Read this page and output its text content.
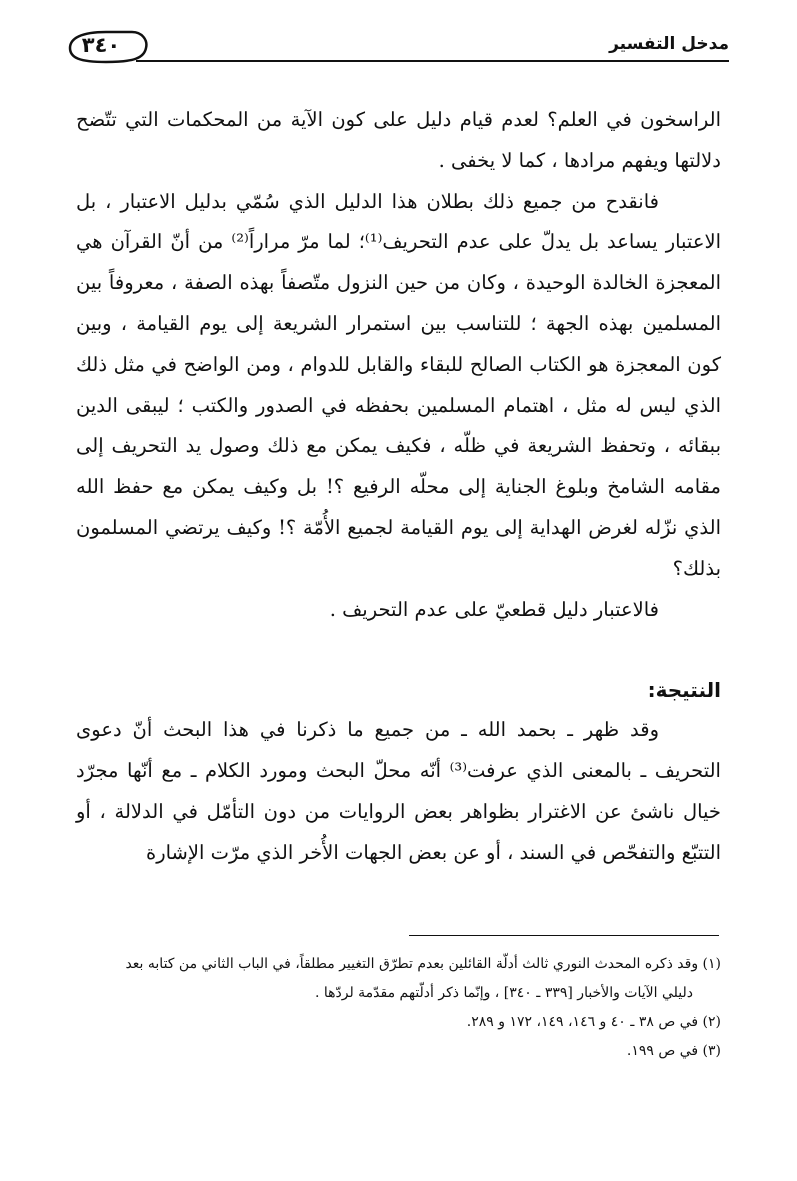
٣٤٠	مدخل التفسير

الراسخون في العلم؟ لعدم قيام دليل على كون الآية من المحكمات التي تتّضح دلالتها ويفهم مرادها ، كما لا يخفى .

فانقدح من جميع ذلك بطلان هذا الدليل الذي سُمّي بدليل الاعتبار ، بل الاعتبار يساعد بل يدلّ على عدم التحريف⁽¹⁾؛ لما مرّ مراراً⁽²⁾ من أنّ القرآن هي المعجزة الخالدة الوحيدة ، وكان من حين النزول متّصفاً بهذه الصفة ، معروفاً بين المسلمين بهذه الجهة ؛ للتناسب بين استمرار الشريعة إلى يوم القيامة ، وبين كون المعجزة هو الكتاب الصالح للبقاء والقابل للدوام ، ومن الواضح في مثل ذلك الذي ليس له مثل ، اهتمام المسلمين بحفظه في الصدور والكتب ؛ ليبقى الدين ببقائه ، وتحفظ الشريعة في ظلّه ، فكيف يمكن مع ذلك وصول يد التحريف إلى مقامه الشامخ وبلوغ الجناية إلى محلّه الرفيع ؟! بل وكيف يمكن مع حفظ الله الذي نزّله لغرض الهداية إلى يوم القيامة لجميع الأُمّة ؟! وكيف يرتضي المسلمون بذلك؟

فالاعتبار دليل قطعيّ على عدم التحريف .

النتيجة:

وقد ظهر ـ بحمد الله ـ من جميع ما ذكرنا في هذا البحث أنّ دعوى التحريف ـ بالمعنى الذي عرفت⁽³⁾ أنّه محلّ البحث ومورد الكلام ـ مع أنّها مجرّد خيال ناشئ عن الاغترار بظواهر بعض الروايات من دون التأمّل في الدلالة ، أو التتبّع والتفحّص في السند ، أو عن بعض الجهات الأُخر الذي مرّت الإشارة

(١) وقد ذكره المحدث النوري ثالث أدلّة القائلين بعدم تطرّق التغيير مطلقاً، في الباب الثاني من كتابه بعد

دليلي الآيات والأخبار [٣٣٩ ـ ٣٤٠] ، وإنّما ذكر أدلّتهم مقدّمة لردّها .

(٢) في ص ٣٨ ـ ٤٠ و ١٤٦، ١٤٩، ١٧٢ و ٢٨٩.

(٣) في ص ١٩٩.
